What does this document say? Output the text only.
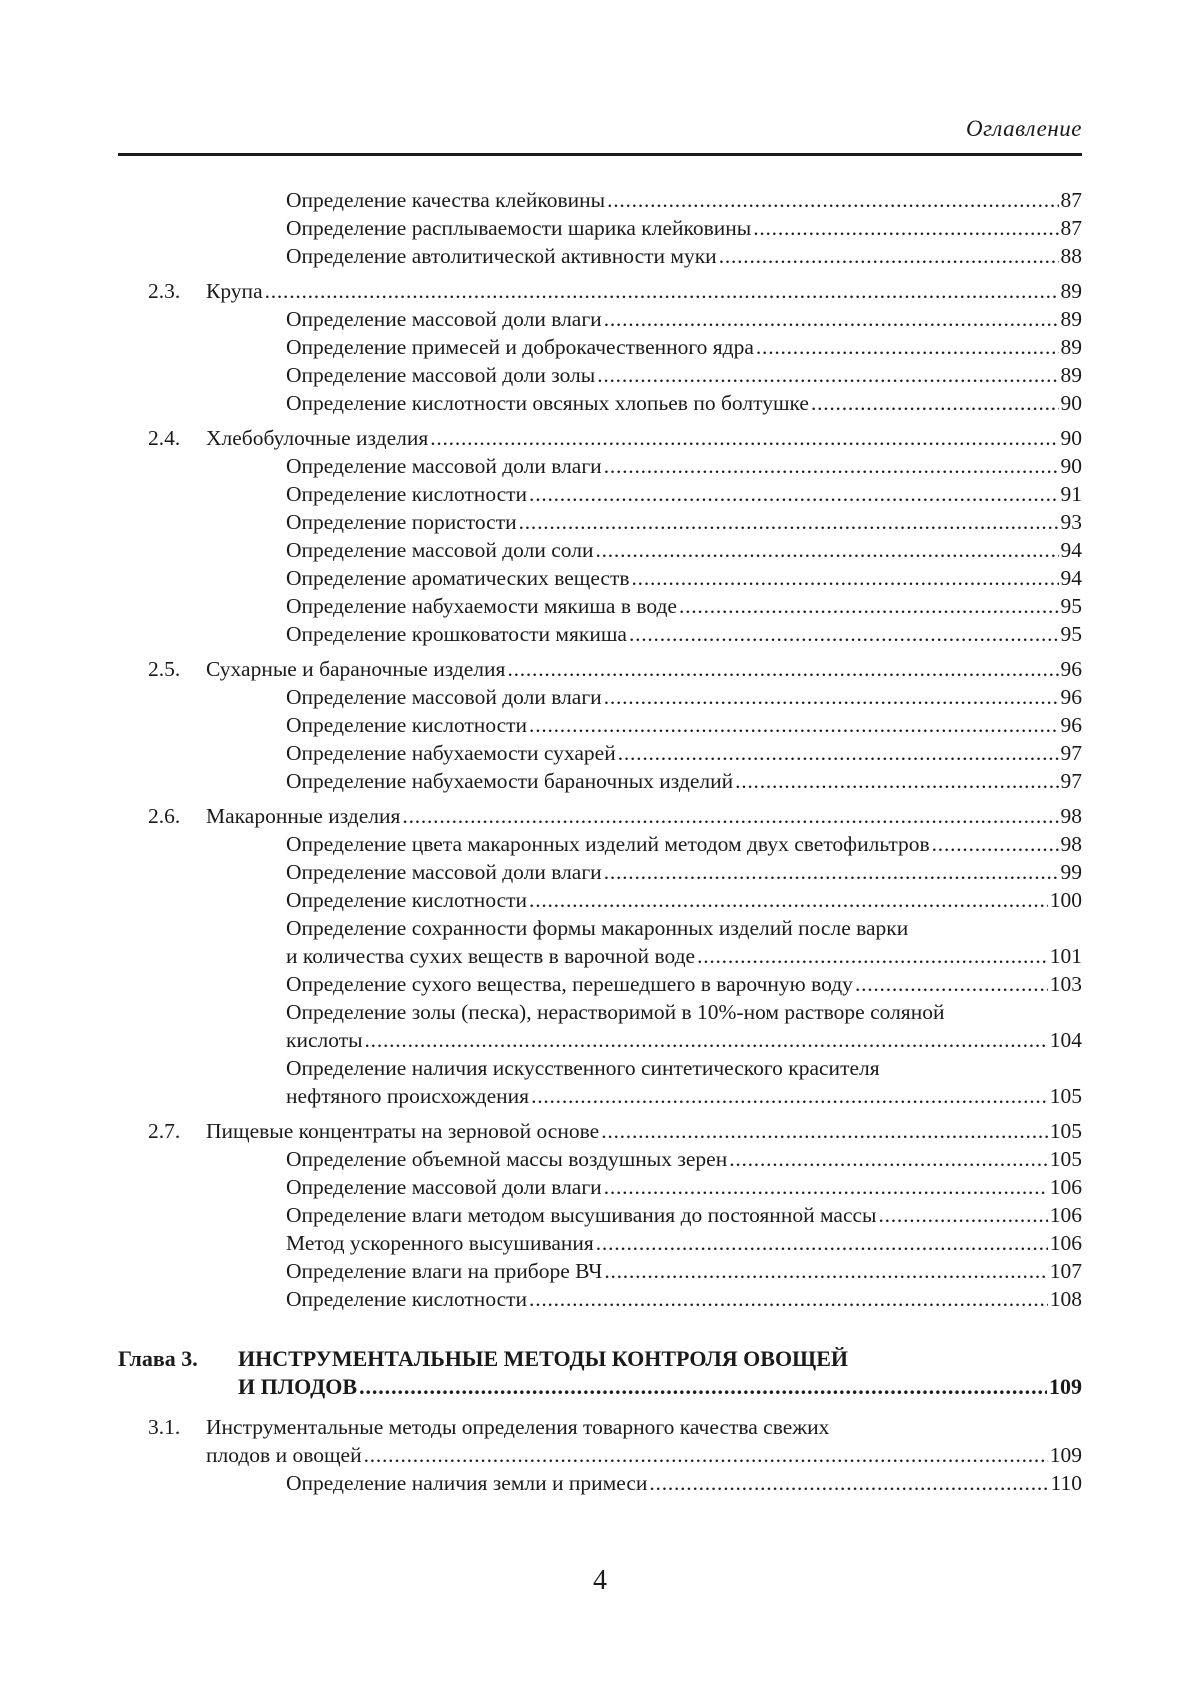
Оглавление
Определение качества клейковины . . .	87
Определение расплываемости шарика клейковины . . .	87
Определение автолитической активности муки . . .	88
2.3.	Крупа . . .	89
Определение массовой доли влаги . . .	89
Определение примесей и доброкачественного ядра . . .	89
Определение массовой доли золы . . .	89
Определение кислотности овсяных хлопьев по болтушке . . .	90
2.4.	Хлебобулочные изделия . . .	90
Определение массовой доли влаги . . .	90
Определение кислотности . . .	91
Определение пористости . . .	93
Определение массовой доли соли . . .	94
Определение ароматических веществ . . .	94
Определение набухаемости мякиша в воде . . .	95
Определение крошковатости мякиша . . .	95
2.5.	Сухарные и бараночные изделия . . .	96
Определение массовой доли влаги . . .	96
Определение кислотности . . .	96
Определение набухаемости сухарей . . .	97
Определение набухаемости бараночных изделий . . .	97
2.6.	Макаронные изделия . . .	98
Определение цвета макаронных изделий методом двух светофильтров . . .	98
Определение массовой доли влаги . . .	99
Определение кислотности . . .	100
Определение сохранности формы макаронных изделий после варки
и количества сухих веществ в варочной воде . . .	101
Определение сухого вещества, перешедшего в варочную воду . . .	103
Определение золы (песка), нерастворимой в 10%-ном растворе соляной
кислоты . . .	104
Определение наличия искусственного синтетического красителя
нефтяного происхождения . . .	105
2.7.	Пищевые концентраты на зерновой основе . . .	105
Определение объемной массы воздушных зерен . . .	105
Определение массовой доли влаги . . .	106
Определение влаги методом высушивания до постоянной массы . . .	106
Метод ускоренного высушивания . . .	106
Определение влаги на приборе ВЧ . . .	107
Определение кислотности . . .	108
Глава 3.	ИНСТРУМЕНТАЛЬНЫЕ МЕТОДЫ КОНТРОЛЯ ОВОЩЕЙ
И ПЛОДОВ . . .	109
3.1.	Инструментальные методы определения товарного качества свежих
плодов и овощей . . .	109
Определение наличия земли и примеси . . .	110
4
